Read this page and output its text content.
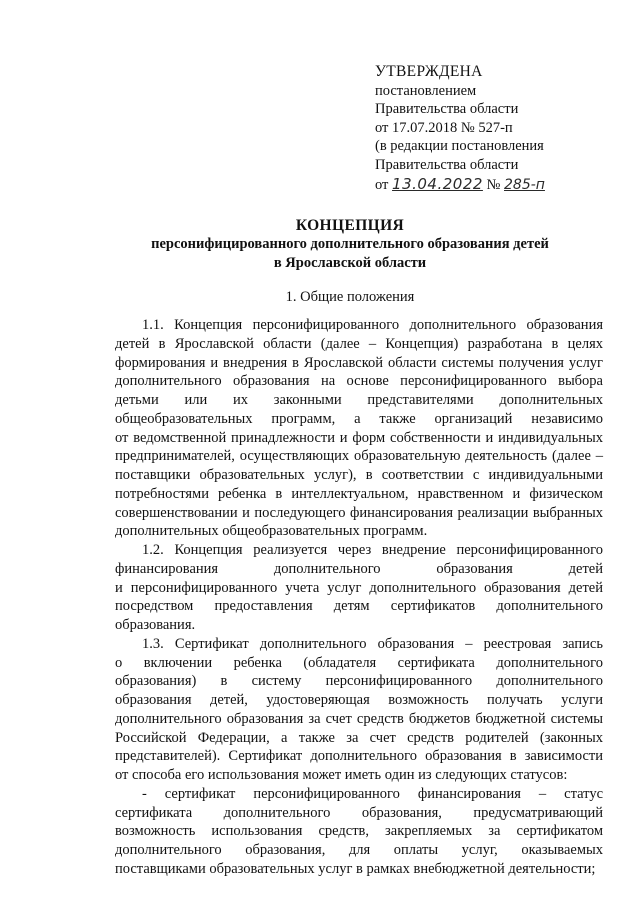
УТВЕРЖДЕНА
постановлением
Правительства области
от 17.07.2018 № 527-п
(в редакции постановления
Правительства области
от 13.04.2022 № 285-п
КОНЦЕПЦИЯ
персонифицированного дополнительного образования детей
в Ярославской области
1. Общие положения

1.1. Концепция персонифицированного дополнительного образования

детей в Ярославской области (далее – Концепция) разработана в целях

формирования и внедрения в Ярославской области системы получения услуг

дополнительного образования на основе персонифицированного выбора

детьми или их законными представителями дополнительных

общеобразовательных программ, а также организаций независимо

от ведомственной принадлежности и форм собственности и индивидуальных

предпринимателей, осуществляющих образовательную деятельность (далее –

поставщики образовательных услуг), в соответствии с индивидуальными

потребностями ребенка в интеллектуальном, нравственном и физическом

совершенствовании и последующего финансирования реализации выбранных

дополнительных общеобразовательных программ.

1.2. Концепция реализуется через внедрение персонифицированного

финансирования дополнительного образования детей

и персонифицированного учета услуг дополнительного образования детей

посредством предоставления детям сертификатов дополнительного

образования.

1.3. Сертификат дополнительного образования – реестровая запись

о включении ребенка (обладателя сертификата дополнительного

образования) в систему персонифицированного дополнительного

образования детей, удостоверяющая возможность получать услуги

дополнительного образования за счет средств бюджетов бюджетной системы

Российской Федерации, а также за счет средств родителей (законных

представителей). Сертификат дополнительного образования в зависимости

от способа его использования может иметь один из следующих статусов:

- сертификат персонифицированного финансирования – статус

сертификата дополнительного образования, предусматривающий

возможность использования средств, закрепляемых за сертификатом

дополнительного образования, для оплаты услуг, оказываемых

поставщиками образовательных услуг в рамках внебюджетной деятельности;
